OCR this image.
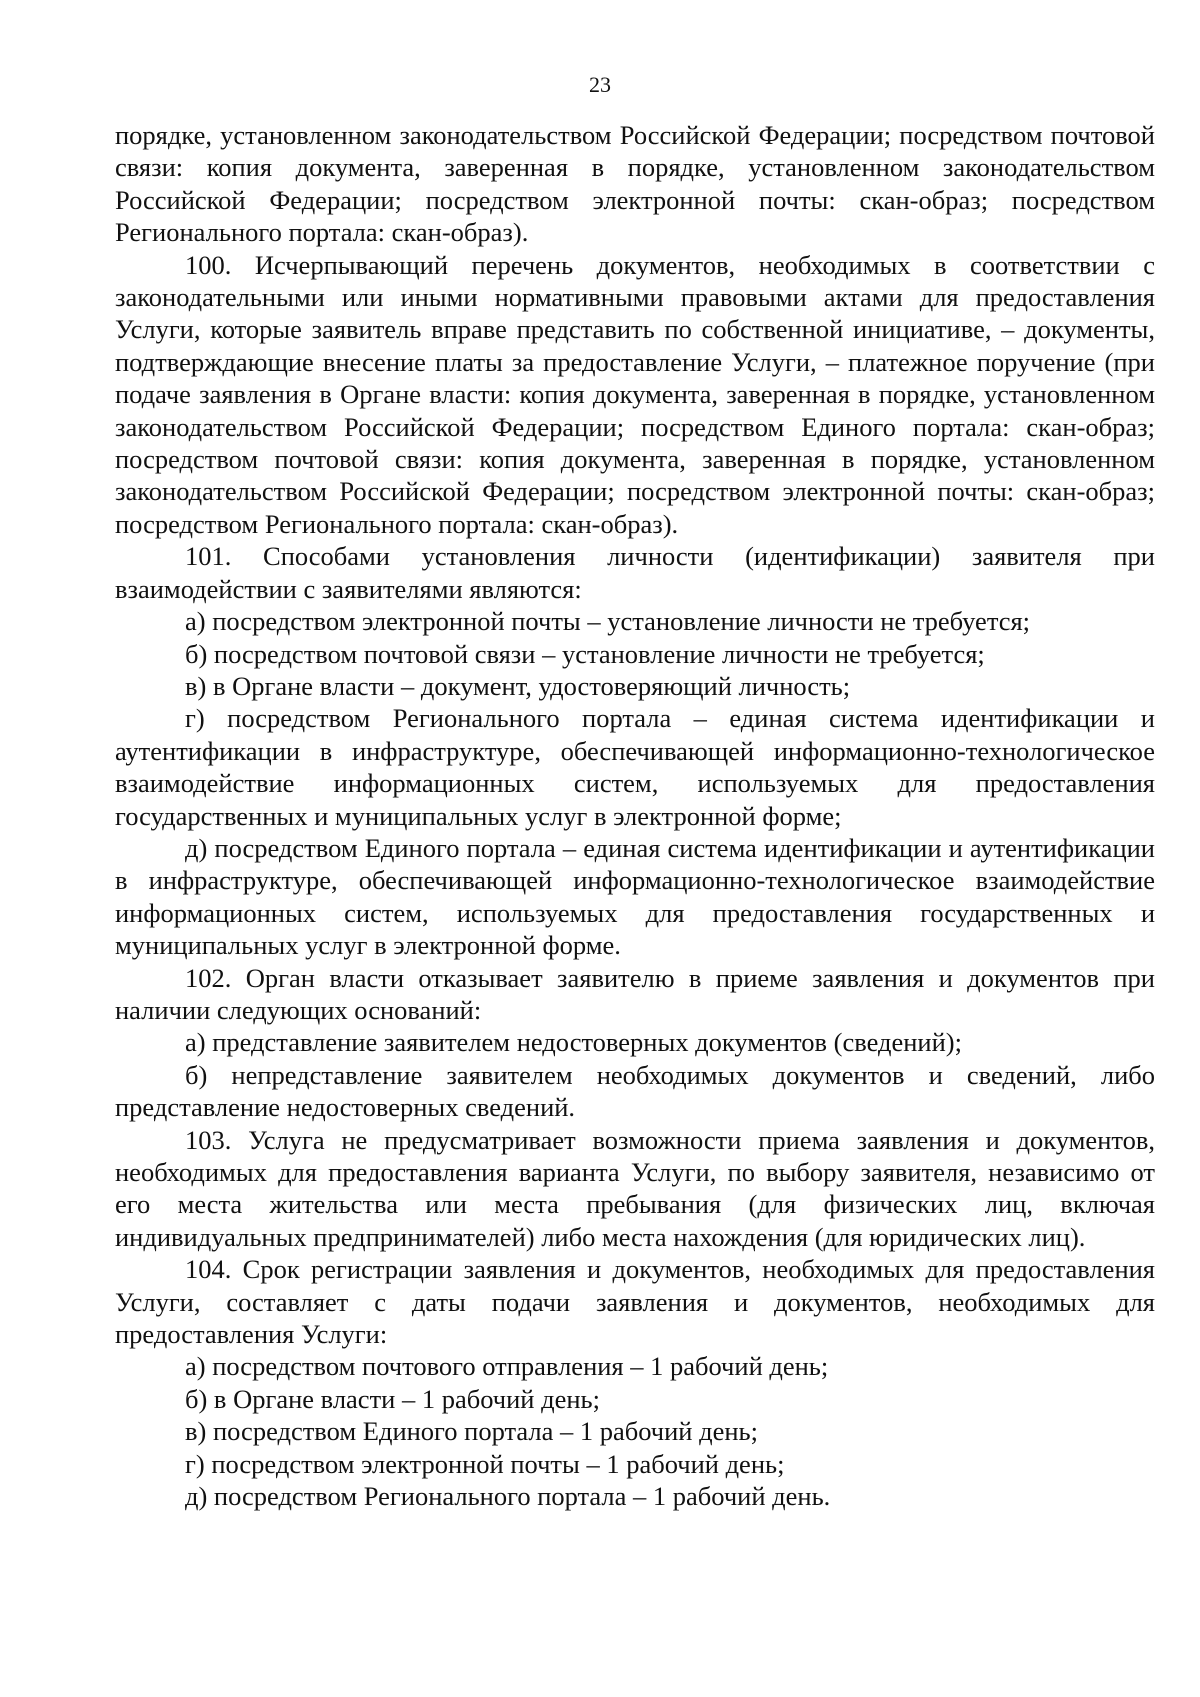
23

порядке, установленном законодательством Российской Федерации; посредством почтовой связи: копия документа, заверенная в порядке, установленном законодательством Российской Федерации; посредством электронной почты: скан-образ; посредством Регионального портала: скан-образ).

100. Исчерпывающий перечень документов, необходимых в соответствии с законодательными или иными нормативными правовыми актами для предоставления Услуги, которые заявитель вправе представить по собственной инициативе, – документы, подтверждающие внесение платы за предоставление Услуги, – платежное поручение (при подаче заявления в Органе власти: копия документа, заверенная в порядке, установленном законодательством Российской Федерации; посредством Единого портала: скан-образ; посредством почтовой связи: копия документа, заверенная в порядке, установленном законодательством Российской Федерации; посредством электронной почты: скан-образ; посредством Регионального портала: скан-образ).

101. Способами установления личности (идентификации) заявителя при взаимодействии с заявителями являются:

а) посредством электронной почты – установление личности не требуется;

б) посредством почтовой связи – установление личности не требуется;

в) в Органе власти – документ, удостоверяющий личность;

г) посредством Регионального портала – единая система идентификации и аутентификации в инфраструктуре, обеспечивающей информационно-технологическое взаимодействие информационных систем, используемых для предоставления государственных и муниципальных услуг в электронной форме;

д) посредством Единого портала – единая система идентификации и аутентификации в инфраструктуре, обеспечивающей информационно-технологическое взаимодействие информационных систем, используемых для предоставления государственных и муниципальных услуг в электронной форме.

102. Орган власти отказывает заявителю в приеме заявления и документов при наличии следующих оснований:

а) представление заявителем недостоверных документов (сведений);

б) непредставление заявителем необходимых документов и сведений, либо представление недостоверных сведений.

103. Услуга не предусматривает возможности приема заявления и документов, необходимых для предоставления варианта Услуги, по выбору заявителя, независимо от его места жительства или места пребывания (для физических лиц, включая индивидуальных предпринимателей) либо места нахождения (для юридических лиц).

104. Срок регистрации заявления и документов, необходимых для предоставления Услуги, составляет с даты подачи заявления и документов, необходимых для предоставления Услуги:

а) посредством почтового отправления – 1 рабочий день;

б) в Органе власти – 1 рабочий день;

в) посредством Единого портала – 1 рабочий день;

г) посредством электронной почты – 1 рабочий день;

д) посредством Регионального портала – 1 рабочий день.
